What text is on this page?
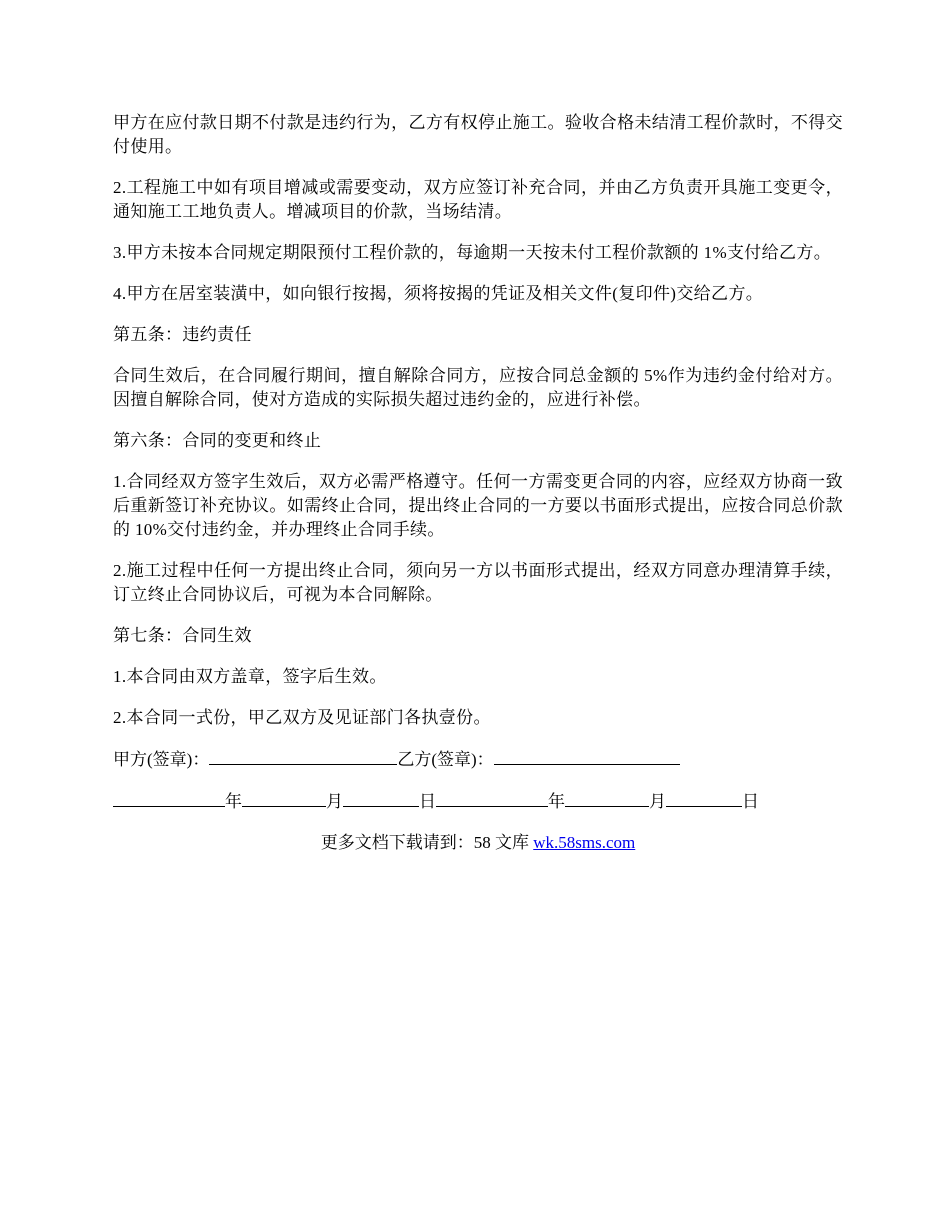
甲方在应付款日期不付款是违约行为，乙方有权停止施工。验收合格未结清工程价款时，不得交付使用。

2.工程施工中如有项目增减或需要变动，双方应签订补充合同，并由乙方负责开具施工变更令，通知施工工地负责人。增减项目的价款，当场结清。

3.甲方未按本合同规定期限预付工程价款的，每逾期一天按未付工程价款额的 1%支付给乙方。

4.甲方在居室装潢中，如向银行按揭，须将按揭的凭证及相关文件(复印件)交给乙方。

第五条：违约责任

合同生效后，在合同履行期间，擅自解除合同方，应按合同总金额的 5%作为违约金付给对方。因擅自解除合同，使对方造成的实际损失超过违约金的，应进行补偿。

第六条：合同的变更和终止

1.合同经双方签字生效后，双方必需严格遵守。任何一方需变更合同的内容，应经双方协商一致后重新签订补充协议。如需终止合同，提出终止合同的一方要以书面形式提出，应按合同总价款的 10%交付违约金，并办理终止合同手续。

2.施工过程中任何一方提出终止合同，须向另一方以书面形式提出，经双方同意办理清算手续，订立终止合同协议后，可视为本合同解除。

第七条：合同生效

1.本合同由双方盖章，签字后生效。

2.本合同一式份，甲乙双方及见证部门各执壹份。

甲方(签章)：	乙方(签章)：
年	月	日	年	月	日
更多文档下载请到：58 文库 wk.58sms.com
